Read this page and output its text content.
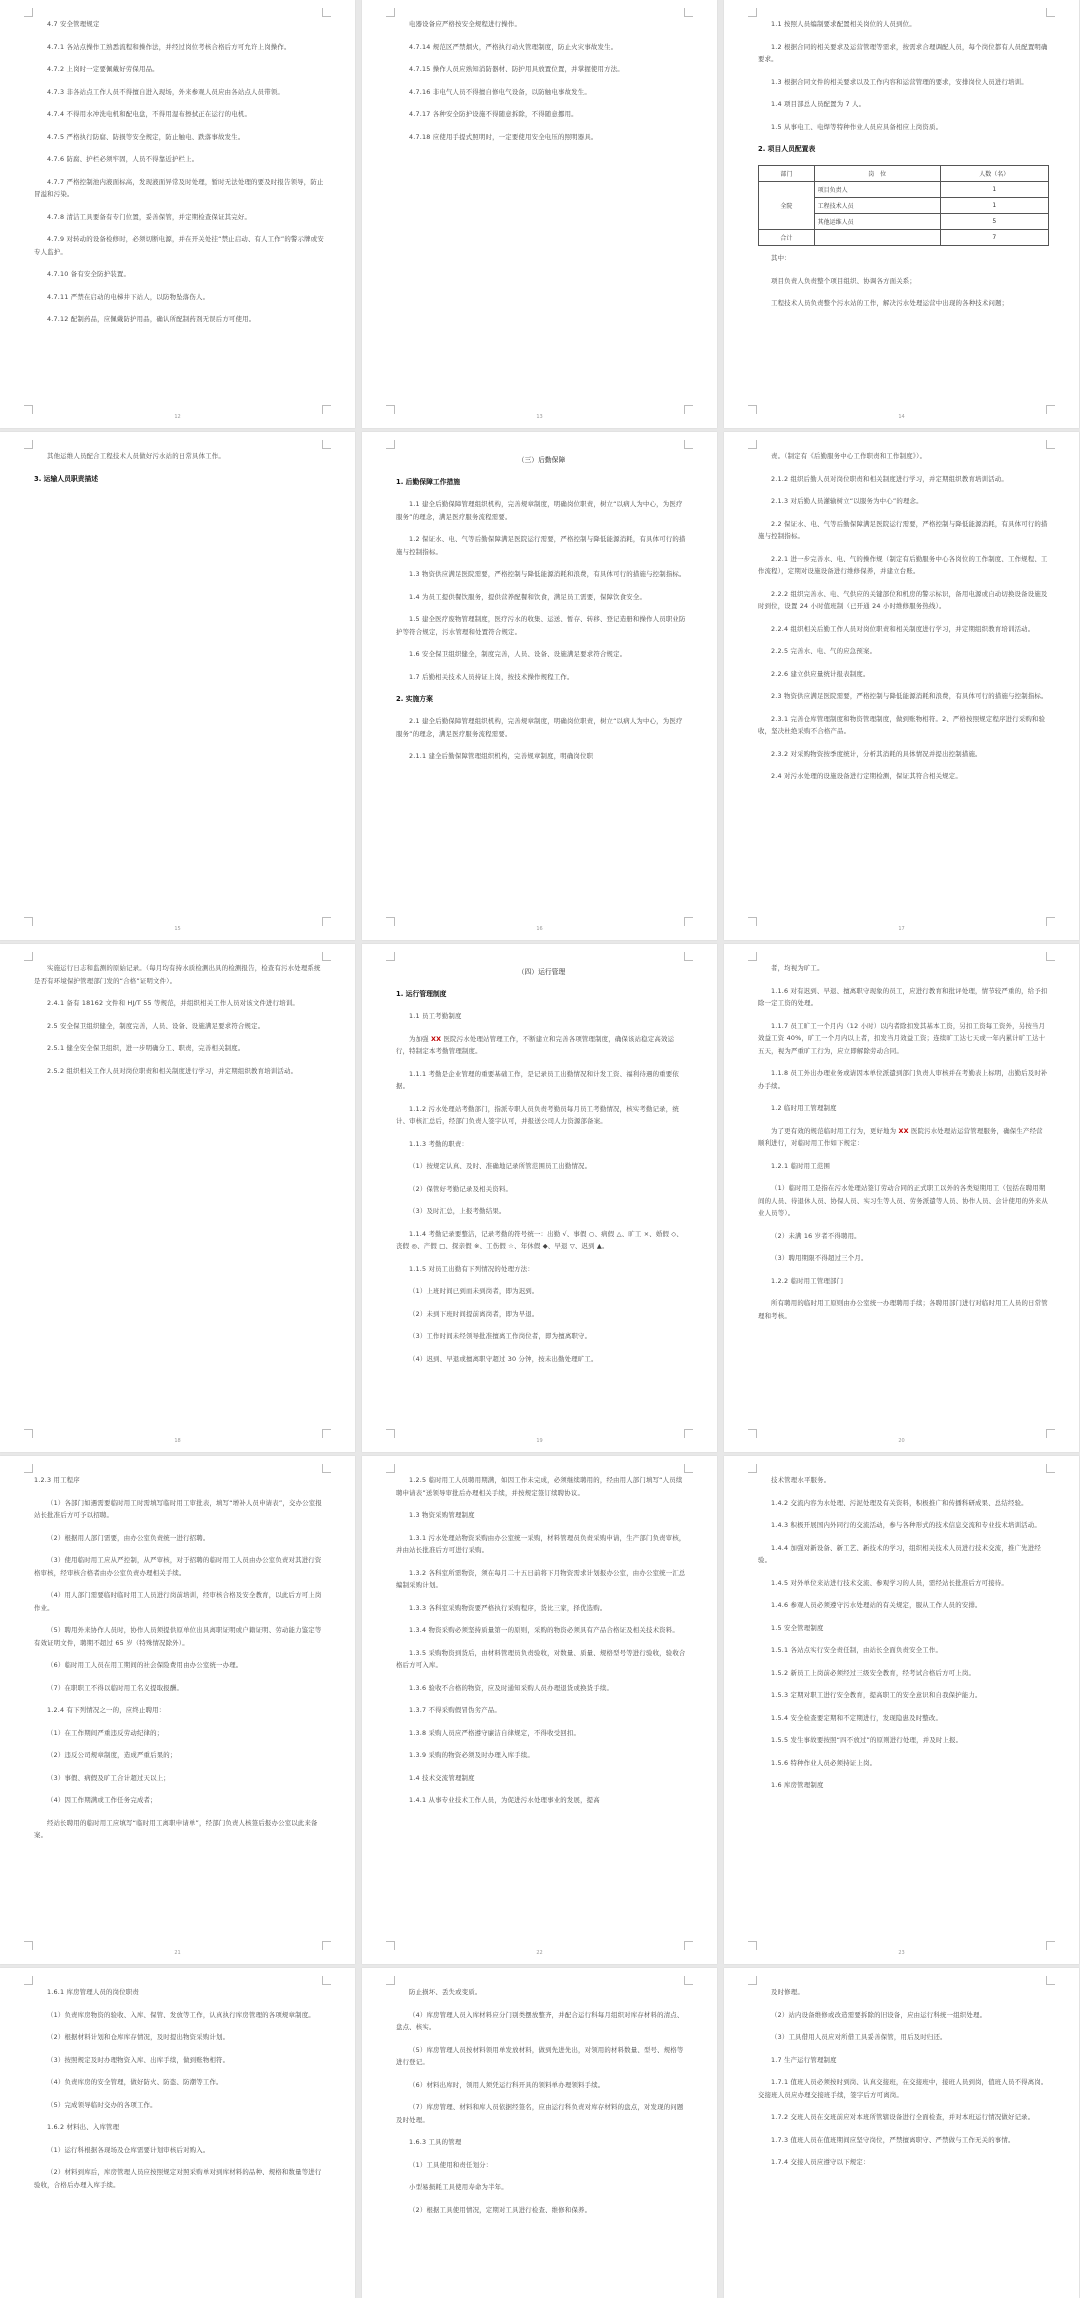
4.7 安全管理规定

4.7.1 各站点操作工熟悉流程和操作法，并经过岗位考核合格后方可允许上岗操作。

4.7.2 上岗时一定要佩戴好劳保用品。

4.7.3 非各站点工作人员不得擅自进入现场，外来参观人员应由各站点人员带领。

4.7.4 不得用水冲洗电机和配电盘，不得用湿布擦拭正在运行的电机。

4.7.5 严格执行防腐、防损等安全规定，防止触电、跌落事故发生。

4.7.6 防腐、护栏必须牢固，人员不得靠近护栏上。

4.7.7 严格控制池内液面标高，发现液面异常及时处理，暂时无法处理的要及时报告领导，防止冒溢和污染。

4.7.8 清洁工具要备有专门位置，妥善保管，并定期检查保证其完好。

4.7.9 对转动的设备检修时，必须切断电源，并在开关处挂“禁止启动、有人工作”的警示牌或安专人监护。

4.7.10 备有安全防护装置。

4.7.11 严禁在启动的电梯井下站人，以防物坠落伤人。

4.7.12 配制药品，应佩戴防护用品，确认所配制药剂无误后方可使用。

12

电器设备应严格按安全规程进行操作。

4.7.14 规范区严禁烟火，严格执行动火管理制度，防止火灾事故发生。

4.7.15 操作人员应熟知消防器材、防护用具放置位置，并掌握使用方法。

4.7.16 非电气人员不得擅自修电气设备，以防触电事故发生。

4.7.17 各种安全防护设施不得随意拆除，不得随意挪用。

4.7.18 应使用手提式照明时，一定要使用安全电压的照明器具。

13

1.1 按照人员编制要求配置相关岗位的人员到位。

1.2 根据合同的相关要求及运营管理等需求，按需求合理调配人员，每个岗位都有人员配置明确要求。

1.3 根据合同文件的相关要求以及工作内容和运营管理的要求，安排岗位人员进行培训。

1.4 项目部总人员配置为 7 人。

1.5 从事电工、电焊等特种作业人员应具备相应上岗资质。

2. 项目人员配置表
部门	岗　位	人数（名）
全院	项目负责人	1
	工程技术人员	1
	其他运维人员	5
合计		7

其中：

项目负责人负责整个项目组织、协调各方面关系；

工程技术人员负责整个污水站的工作，解决污水处理运营中出现的各种技术问题；

14

其他运维人员配合工程技术人员做好污水站的日常具体工作。

3. 运输人员职责描述
15
（三）后勤保障
1. 后勤保障工作措施

1.1 建全后勤保障管理组织机构，完善规章制度，明确岗位职责，树立“以病人为中心，为医疗服务”的理念，满足医疗服务流程需要。

1.2 保证水、电、气等后勤保障满足医院运行需要，严格控制与降低能源消耗，有具体可行的措施与控制指标。

1.3 物资供应满足医院需要，严格控制与降低能源消耗和浪费，有具体可行的措施与控制指标。

1.4 为员工提供餐饮服务，提供营养配餐和饮食，满足员工需要，保障饮食安全。

1.5 建全医疗废物管理制度，医疗污水的收集、运送、暂存、转移、登记造册和操作人员职业防护等符合规定，污水管理和处置符合规定。

1.6 安全保卫组织健全，制度完善，人员、设备、设施满足要求符合规定。

1.7 后勤相关技术人员持证上岗，按技术操作规程工作。

2. 实施方案

2.1 建全后勤保障管理组织机构，完善规章制度，明确岗位职责，树立“以病人为中心，为医疗服务”的理念，满足医疗服务流程需要。

2.1.1 建全后勤保障管理组织机构，完善规章制度，明确岗位职

16

责。（制定有《后勤服务中心工作职责和工作制度》）。

2.1.2 组织后勤人员对岗位职责和相关制度进行学习，并定期组织教育培训活动。

2.1.3 对后勤人员灌输树立“以服务为中心”的理念。

2.2 保证水、电、气等后勤保障满足医院运行需要，严格控制与降低能源消耗，有具体可行的措施与控制指标。

2.2.1 进一步完善水、电、气的操作规（制定有后勤服务中心各岗位的工作制度、工作规程、工作流程），定期对设施设备进行维修保养，并建立台账。

2.2.2 组织完善水、电、气供应的关键部位和机房的警示标识，备用电源或自动切换设备设施及时到位，设置 24 小时值班制（已开通 24 小时维修服务热线）。

2.2.4 组织相关后勤工作人员对岗位职责和相关制度进行学习，并定期组织教育培训活动。

2.2.5 完善水、电、气的应急预案。

2.2.6 建立供应量统计报表制度。

2.3 物资供应满足医院需要，严格控制与降低能源消耗和浪费，有具体可行的措施与控制指标。

2.3.1 完善仓库管理制度和物资管理制度，做到账物相符。2、严格按照规定程序进行采购和验收，坚决杜绝采购不合格产品。

2.3.2 对采购物资按季度统计，分析其消耗的具体情况并提出控制措施。

2.4 对污水处理的设施设备进行定期检测，保证其符合相关规定。

17

实施运行日志和监测的原始记录。（每月均有持水质检测出具的检测报告，检查有污水处理系统是否有环境保护管理部门发的“合格”证明文件）。

2.4.1 备有 18162 文件和 HJ/T 55 等规范，并组织相关工作人员对该文件进行培训。

2.5 安全保卫组织健全，制度完善，人员、设备、设施满足要求符合规定。

2.5.1 健全安全保卫组织，进一步明确分工、职责，完善相关制度。

2.5.2 组织相关工作人员对岗位职责和相关制度进行学习，并定期组织教育培训活动。

18
（四）运行管理
1. 运行管理制度

1.1 员工考勤制度

为加强 XX 医院污水处理站管理工作，不断建立和完善各项管理制度，确保该站稳定高效运行，特制定本考勤管理制度。

1.1.1 考勤是企业管理的重要基础工作，是记录员工出勤情况和计发工资、福利待遇的重要依据。

1.1.2 污水处理站考勤部门，指派专职人员负责考勤员每月员工考勤情况，核实考勤记录，统计、审核汇总后，经部门负责人签字认可，并报送公司人力资源部备案。

1.1.3 考勤的职责：

（1）按规定认真、及时、准确地记录所管范围员工出勤情况。

（2）保管好考勤记录及相关资料。

（3）及时汇总，上报考勤结果。

1.1.4 考勤记录要整洁，记录考勤的符号统一：出勤 √、事假 ○、病假 △、旷工 ×、婚假 ◇、丧假 ◎、产假 □、探亲假 ※、工伤假 ☆、年休假 ◆、早退 ▽、迟到 ▲。

1.1.5 对员工出勤有下列情况的处理方法：

（1）上班时间已到而未到岗者，即为迟到。

（2）未到下班时间提前离岗者，即为早退。

（3）工作时间未经领导批准擅离工作岗位者，即为擅离职守。

（4）迟到、早退或擅离职守超过 30 分钟，按未出勤处理旷工。

19

者，均视为旷工。

1.1.6 对有迟到、早退、擅离职守现象的员工，应进行教育和批评处理，情节较严重的，给予扣除一定工资的处理。

1.1.7 员工旷工一个月内（12 小时）以内者除扣发其基本工资，另扣工资每工资外，另按当月效益工资 40%，旷工一个月内以上者，扣发当月效益工资；连续旷工达七天或一年内累计旷工达十五天，视为严重旷工行为，应立即解除劳动合同。

1.1.8 员工外出办理业务或请因本单位派遣到部门负责人审核并在考勤表上标明，出勤后及时补办手续。

1.2 临时用工管理制度

为了更有效的规范临时用工行为，更好地为 XX 医院污水处理站运营管理服务，确保生产经营顺利进行，对临时用工作如下规定：

1.2.1 临时用工范围

（1）临时用工是指在污水处理站签订劳动合同的正式职工以外的各类短期用工（包括在聘用期间的人员、待退休人员、协保人员、实习生等人员、劳务派遣等人员、协作人员、会计使用的外来从业人员等）。

（2）未满 16 岁者不得聘用。

（3）聘用期限不得超过三个月。

1.2.2 临时用工管理部门

所有聘用的临时用工原则由办公室统一办理聘用手续；各聘用部门进行对临时用工人员的日常管理和考核。

20

1.2.3 用工程序

（1）各部门如遇需要临时用工时需填写临时用工审批表，填写“增补人员申请表”，交办公室报站长批准后方可予以招聘。

（2）根据用人部门需要，由办公室负责统一进行招聘。

（3）使用临时用工应从严控制，从严审核，对于招聘的临时用工人员由办公室负责对其进行资格审核，经审核合格者由办公室负责办理相关手续。

（4）用人部门需要临时临时用工人员进行岗前培训，经审核合格及安全教育，以此后方可上岗作业。

（5）聘用外来协作人员时，协作人员须提供原单位出具离职证明或户籍证明、劳动能力鉴定等有效证明文件，聘期不超过 65 岁（特殊情况除外）。

（6）临时用工人员在用工期间的社会保险费用由办公室统一办理。

（7）在职职工不得以临时用工名义提取报酬。

1.2.4 有下列情况之一的，应终止聘用：

（1）在工作期间严重违反劳动纪律的；

（2）违反公司规章制度，造成严重后果的；

（3）事假、病假及旷工合计超过天以上；

（4）因工作期满或工作任务完成者；

经站长聘用的临时用工应填写“临时用工离职申请单”，经部门负责人核签后报办公室以此来备案。

21

1.2.5 临时用工人员聘用期满，如因工作未完成，必须继续聘用的，经由用人部门填写“人员续聘申请表”送领导审批后办理相关手续，并按规定签订续聘协议。

1.3 物资采购管理制度

1.3.1 污水处理站物资采购由办公室统一采购，材料管理员负责采购申请，生产部门负责审核，并由站长批准后方可进行采购。

1.3.2 各科室所需物资，须在每月二十五日前将下月物资需求计划报办公室，由办公室统一汇总编制采购计划。

1.3.3 各科室采购物资要严格执行采购程序，货比三家，择优选购。

1.3.4 物资采购必须坚持质量第一的原则，采购的物资必须具有产品合格证及相关技术资料。

1.3.5 采购物资到货后，由材料管理员负责验收，对数量、质量、规格型号等进行验收，验收合格后方可入库。

1.3.6 验收不合格的物资，应及时通知采购人员办理退货或换货手续。

1.3.7 不得采购假冒伪劣产品。

1.3.8 采购人员应严格遵守廉洁自律规定，不得收受回扣。

1.3.9 采购的物资必须及时办理入库手续。

1.4 技术交流管理制度

1.4.1 从事专业技术工作人员，为促进污水处理事业的发展，提高

22

技术管理水平服务。

1.4.2 交流内容为水处理、污泥处理及有关资料，积极推广和传播科研成果、总结经验。

1.4.3 积极开展国内外同行的交流活动，参与各种形式的技术信息交流和专业技术培训活动。

1.4.4 加强对新设备、新工艺、新技术的学习，组织相关技术人员进行技术交流，推广先进经验。

1.4.5 对外单位来站进行技术交流、参观学习的人员，需经站长批准后方可接待。

1.4.6 参观人员必须遵守污水处理站的有关规定，服从工作人员的安排。

1.5 安全管理制度

1.5.1 各站点实行安全责任制，由站长全面负责安全工作。

1.5.2 新员工上岗前必须经过三级安全教育，经考试合格后方可上岗。

1.5.3 定期对职工进行安全教育，提高职工的安全意识和自我保护能力。

1.5.4 安全检查要定期和不定期进行，发现隐患及时整改。

1.5.5 发生事故要按照“四不放过”的原则进行处理，并及时上报。

1.5.6 特种作业人员必须持证上岗。

1.6 库房管理制度

23

1.6.1 库房管理人员的岗位职责

（1）负责库房物资的验收、入库、保管、发放等工作，认真执行库房管理的各项规章制度。

（2）根据材料计划和仓库库存情况，及时提出物资采购计划。

（3）按照规定及时办理物资入库、出库手续，做到账物相符。

（4）负责库房的安全管理，做好防火、防盗、防潮等工作。

（5）完成领导临时交办的各项工作。

1.6.2 材料出、入库管理

（1）运行科根据各现场及仓库需要计划审核后对购入。

（2）材料到库后，库房管理人员应按照规定对照采购单对到库材料的品种、规格和数量等进行验收，合格后办理入库手续。

防止损坏、丢失或变质。

（4）库房管理人员入库材料应分门别类摆放整齐，并配合运行科每月组织对库存材料的清点、盘点、核实。

（5）库房管理人员按材料领用单发放材料，做到先进先出，对领用的材料数量、型号、规格等进行登记。

（6）材料出库时，领用人须凭运行科开具的领料单办理领料手续。

（7）库房管理、材料和库人员依据经签名，应由运行科负责对库存材料的盘点，对发现的问题及时处理。

1.6.3 工具的管理

（1）工具使用和责任划分：

小型易损耗工具使用寿命为半年。

（2）根据工具使用情况，定期对工具进行检查、维修和保养。

及时修理。

（2）站内设备维修或改造需要拆除的旧设备，应由运行科统一组织处理。

（3）工具借用人员应对所借工具妥善保管，用后及时归还。

1.7 生产运行管理制度

1.7.1 值班人员必须按时到岗、认真交接班，在交接班中，接班人员到岗，值班人员不得离岗。交接班人员应办理交接班手续，签字后方可离岗。

1.7.2 交班人员在交班前应对本班所管辖设备进行全面检查，并对本班运行情况做好记录。

1.7.3 值班人员在值班期间应坚守岗位，严禁擅离职守、严禁做与工作无关的事情。

1.7.4 交接人员应遵守以下规定：
